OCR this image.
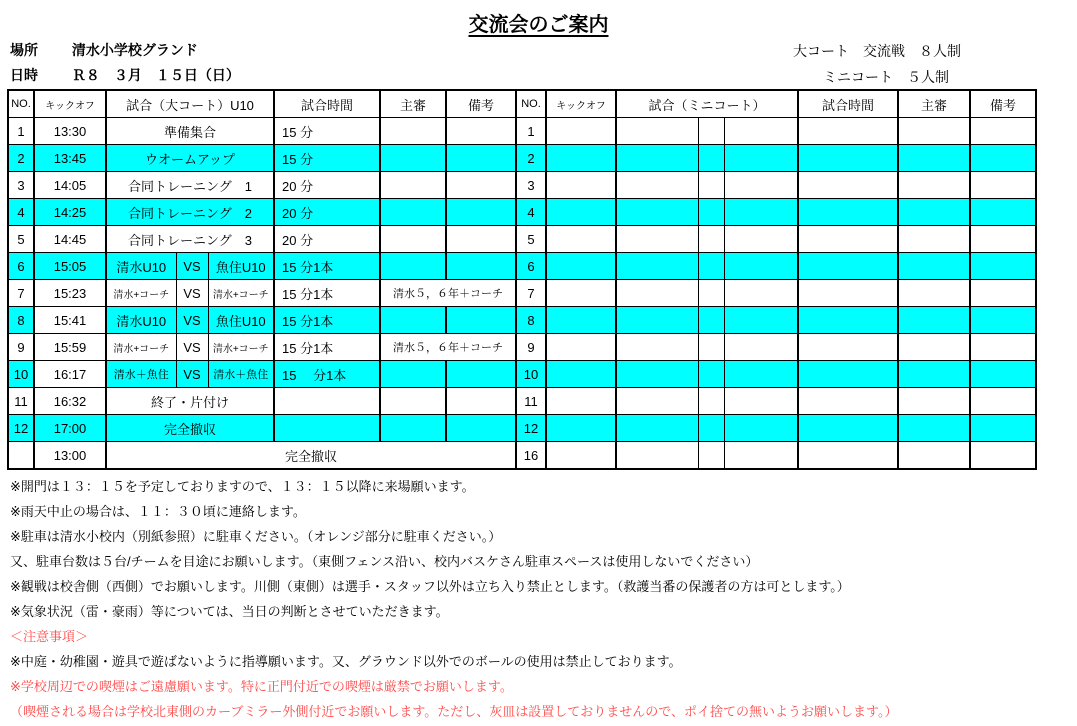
交流会のご案内
場所 清水小学校グランド
日時 Ｒ８　３月　１５日（日）
大コート　交流戦　８人制
ミニコート　５人制
NO.	キックオフ	試合（大コート）U10			試合時間	主審	備考	NO.	キックオフ	試合（ミニコート）			試合時間	主審	備考
1	13:30	準備集合			15 分			1							
2	13:45	ウオームアップ			15 分			2							
3	14:05	合同トレーニング　1			20 分			3							
4	14:25	合同トレーニング　2			20 分			4							
5	14:45	合同トレーニング　3			20 分			5							
6	15:05	清水U10	VS	魚住U10	15 分1本			6							
7	15:23	清水+コーチ	VS	清水+コーチ	15 分1本	清水５，６年＋コーチ		7							
8	15:41	清水U10	VS	魚住U10	15 分1本			8							
9	15:59	清水+コーチ	VS	清水+コーチ	15 分1本	清水５，６年＋コーチ		9							
10	16:17	清水＋魚住	VS	清水＋魚住	15　 分1本			10							
11	16:32	終了・片付け						11							
12	17:00	完全撤収						12							
	13:00	完全撤収						16							
※開門は１３：１５を予定しておりますので、１３：１５以降に来場願います。
※雨天中止の場合は、１１：３０頃に連絡します。
※駐車は清水小校内（別紙参照）に駐車ください。（オレンジ部分に駐車ください。）
又、駐車台数は５台/チームを目途にお願いします。（東側フェンス沿い、校内バスケさん駐車スペースは使用しないでください）
※観戦は校舎側（西側）でお願いします。川側（東側）は選手・スタッフ以外は立ち入り禁止とします。（救護当番の保護者の方は可とします。）
※気象状況（雷・豪雨）等については、当日の判断とさせていただきます。
＜注意事項＞
※中庭・幼稚園・遊具で遊ばないように指導願います。又、グラウンド以外でのボールの使用は禁止しております。
※学校周辺での喫煙はご遠慮願います。特に正門付近での喫煙は厳禁でお願いします。
（喫煙される場合は学校北東側のカーブミラー外側付近でお願いします。ただし、灰皿は設置しておりませんので、ポイ捨ての無いようお願いします。）
